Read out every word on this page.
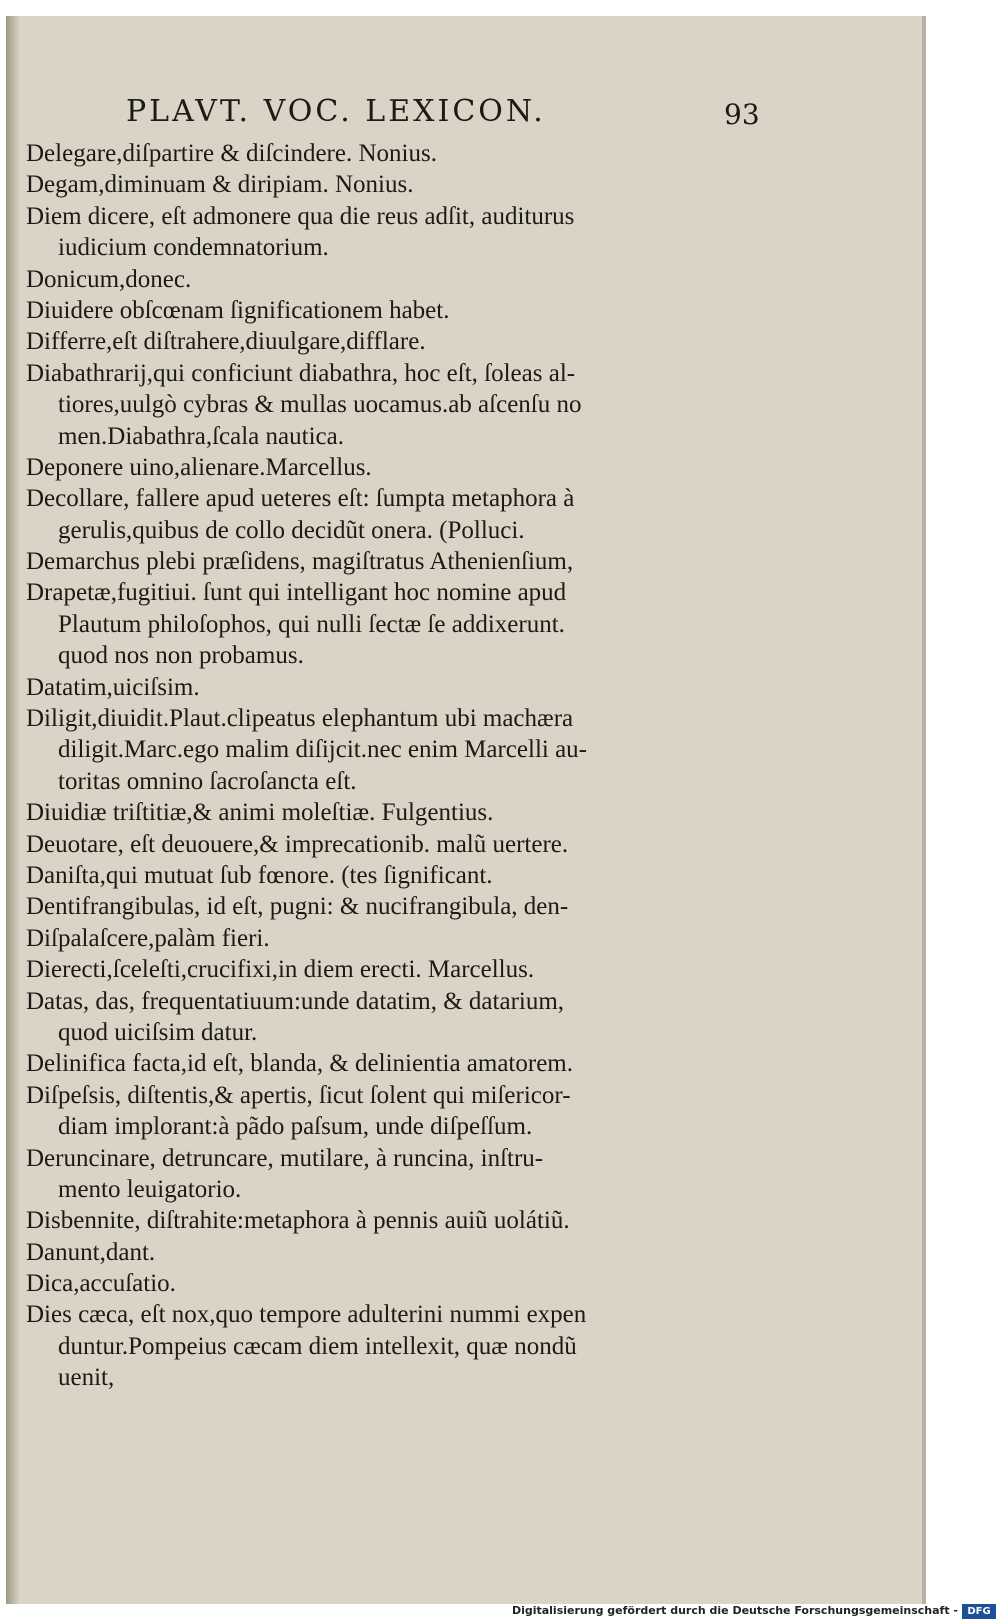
PLAVT. VOC. LEXICON.	93
Delegare,diſpartire & diſcindere. Nonius.
Degam,diminuam & diripiam. Nonius.
Diem dicere, eſt admonere qua die reus adſit, auditurus
iudicium condemnatorium.
Donicum,donec.
Diuidere obſcœnam ſignificationem habet.
Differre,eſt diſtrahere,diuulgare,difflare.
Diabathrarij,qui conficiunt diabathra, hoc eſt, ſoleas al-
tiores,uulgò cybras & mullas uocamus.ab aſcenſu no
men.Diabathra,ſcala nautica.
Deponere uino,alienare.Marcellus.
Decollare, fallere apud ueteres eſt: ſumpta metaphora à
gerulis,quibus de collo decidũt onera. (Polluci.
Demarchus plebi præſidens, magiſtratus Athenienſium,
Drapetæ,fugitiui. ſunt qui intelligant hoc nomine apud
Plautum philoſophos, qui nulli ſectæ ſe addixerunt.
quod nos non probamus.
Datatim,uiciſsim.
Diligit,diuidit.Plaut.clipeatus elephantum ubi machæra
diligit.Marc.ego malim diſijcit.nec enim Marcelli au-
toritas omnino ſacroſancta eſt.
Diuidiæ triſtitiæ,& animi moleſtiæ. Fulgentius.
Deuotare, eſt deuouere,& imprecationib. malũ uertere.
Daniſta,qui mutuat ſub fœnore. (tes ſignificant.
Dentifrangibulas, id eſt, pugni: & nucifrangibula, den-
Diſpalaſcere,palàm fieri.
Dierecti,ſceleſti,crucifixi,in diem erecti. Marcellus.
Datas, das, frequentatiuum:unde datatim, & datarium,
quod uiciſsim datur.
Delinifica facta,id eſt, blanda, & delinientia amatorem.
Diſpeſsis, diſtentis,& apertis, ſicut ſolent qui miſericor-
diam implorant:à pãdo paſsum, unde diſpeſſum.
Deruncinare, detruncare, mutilare, à runcina, inſtru-
mento leuigatorio.
Disbennite, diſtrahite:metaphora à pennis auiũ uolátiũ.
Danunt,dant.
Dica,accuſatio.
Dies cæca, eſt nox,quo tempore adulterini nummi expen
duntur.Pompeius cæcam diem intellexit, quæ nondũ
uenit,
Digitalisierung gefördert durch die Deutsche Forschungsgemeinschaft - DFG
